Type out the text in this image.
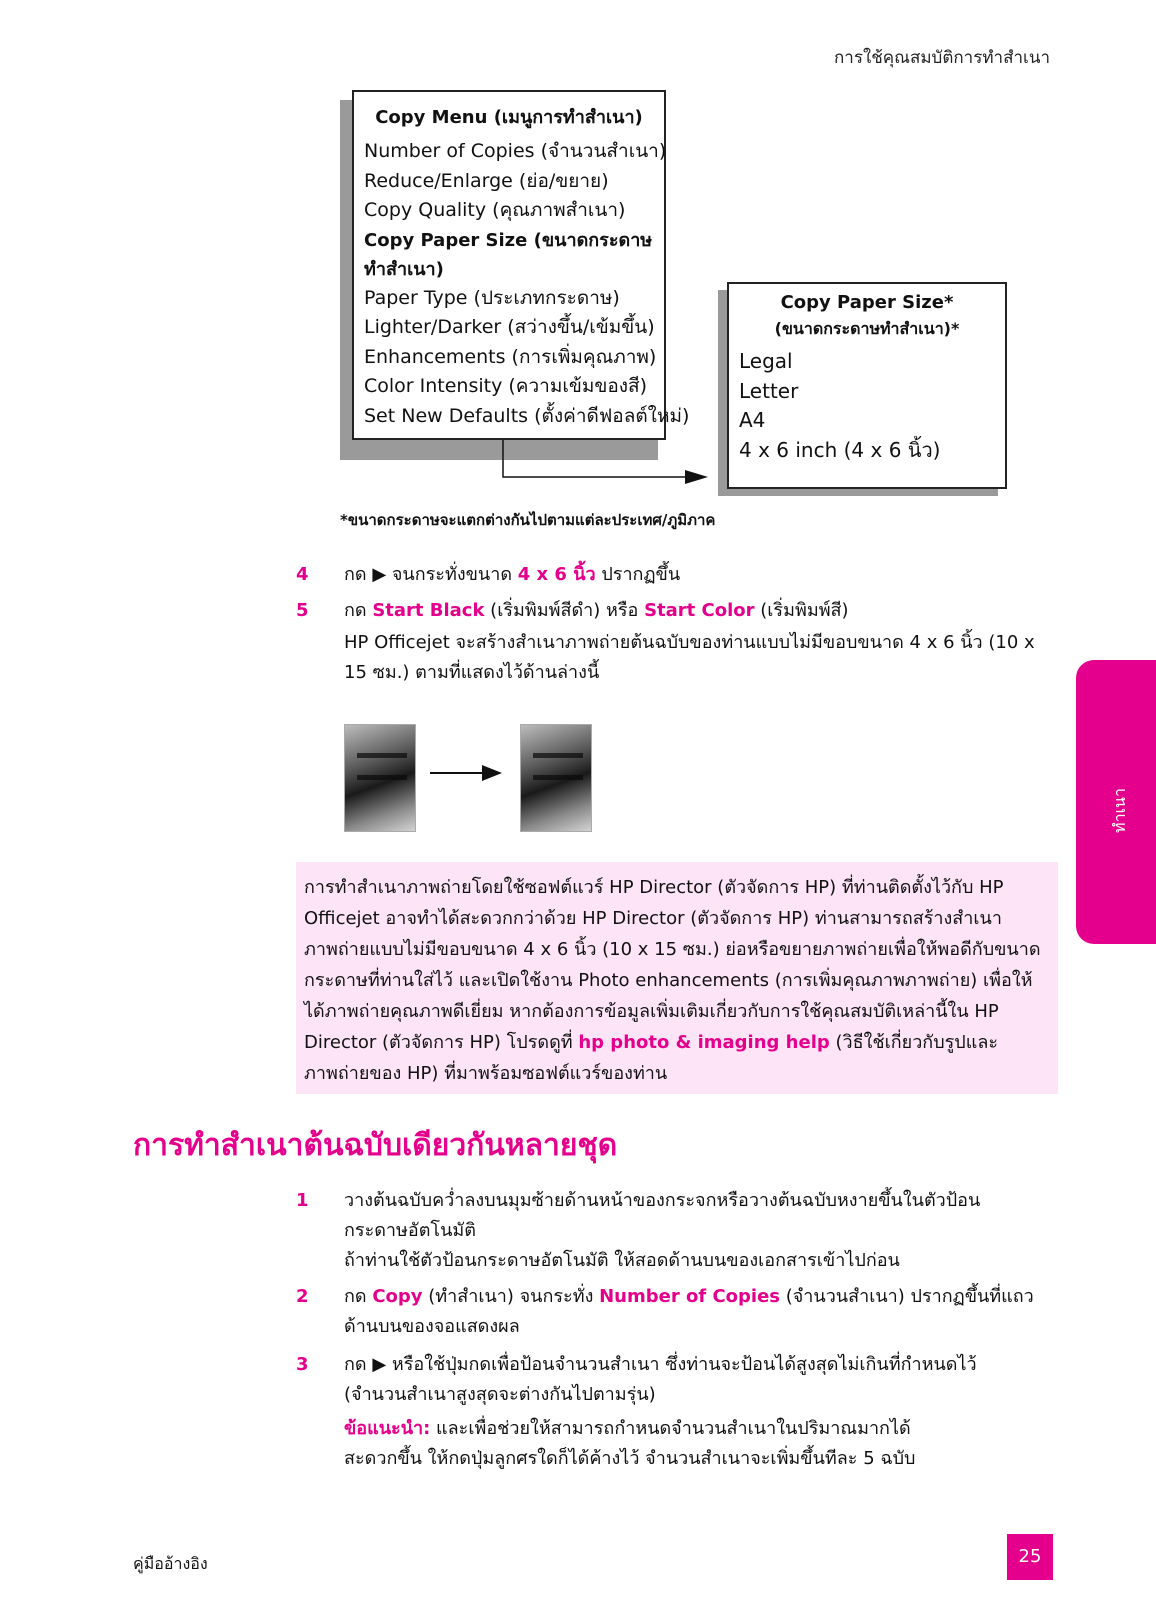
การใช้คุณสมบัติการทำสำเนา
Copy Menu (เมนูการทำสำเนา)
Number of Copies (จำนวนสำเนา)
Reduce/Enlarge (ย่อ/ขยาย)
Copy Quality (คุณภาพสำเนา)
Copy Paper Size (ขนาดกระดาษทำสำเนา)
Paper Type (ประเภทกระดาษ)
Lighter/Darker (สว่างขึ้น/เข้มขึ้น)
Enhancements (การเพิ่มคุณภาพ)
Color Intensity (ความเข้มของสี)
Set New Defaults (ตั้งค่าดีฟอลต์ใหม่)
Copy Paper Size*
(ขนาดกระดาษทำสำเนา)*
Legal
Letter
A4
4 x 6 inch (4 x 6 นิ้ว)
*ขนาดกระดาษจะแตกต่างกันไปตามแต่ละประเทศ/ภูมิภาค
4 กด ▶ จนกระทั่งขนาด 4 x 6 นิ้ว ปรากฏขึ้น
5 กด Start Black (เริ่มพิมพ์สีดำ) หรือ Start Color (เริ่มพิมพ์สี)
HP Officejet จะสร้างสำเนาภาพถ่ายต้นฉบับของท่านแบบไม่มีขอบขนาด 4 x 6 นิ้ว (10 x 15 ซม.) ตามที่แสดงไว้ด้านล่างนี้
การทำสำเนาภาพถ่ายโดยใช้ซอฟต์แวร์ HP Director (ตัวจัดการ HP) ที่ท่านติดตั้งไว้กับ HP Officejet อาจทำได้สะดวกกว่าด้วย HP Director (ตัวจัดการ HP) ท่านสามารถสร้างสำเนาภาพถ่ายแบบไม่มีขอบขนาด 4 x 6 นิ้ว (10 x 15 ซม.) ย่อหรือขยายภาพถ่ายเพื่อให้พอดีกับขนาดกระดาษที่ท่านใส่ไว้ และเปิดใช้งาน Photo enhancements (การเพิ่มคุณภาพภาพถ่าย) เพื่อให้ได้ภาพถ่ายคุณภาพดีเยี่ยม หากต้องการข้อมูลเพิ่มเติมเกี่ยวกับการใช้คุณสมบัติเหล่านี้ใน HP Director (ตัวจัดการ HP) โปรดดูที่ hp photo & imaging help (วิธีใช้เกี่ยวกับรูปและภาพถ่ายของ HP) ที่มาพร้อมซอฟต์แวร์ของท่าน
การทำสำเนาต้นฉบับเดียวกันหลายชุด
1 วางต้นฉบับคว่ำลงบนมุมซ้ายด้านหน้าของกระจกหรือวางต้นฉบับหงายขึ้นในตัวป้อน
กระดาษอัตโนมัติ
ถ้าท่านใช้ตัวป้อนกระดาษอัตโนมัติ ให้สอดด้านบนของเอกสารเข้าไปก่อน
2 กด Copy (ทำสำเนา) จนกระทั่ง Number of Copies (จำนวนสำเนา) ปรากฏขึ้นที่แถว
ด้านบนของจอแสดงผล
3 กด ▶ หรือใช้ปุ่มกดเพื่อป้อนจำนวนสำเนา ซึ่งท่านจะป้อนได้สูงสุดไม่เกินที่กำหนดไว้
(จำนวนสำเนาสูงสุดจะต่างกันไปตามรุ่น)
ข้อแนะนำ: และเพื่อช่วยให้สามารถกำหนดจำนวนสำเนาในปริมาณมากได้
สะดวกขึ้น ให้กดปุ่มลูกศรใดก็ได้ค้างไว้ จำนวนสำเนาจะเพิ่มขึ้นทีละ 5 ฉบับ
ทำเนา
คู่มืออ้างอิง	25
